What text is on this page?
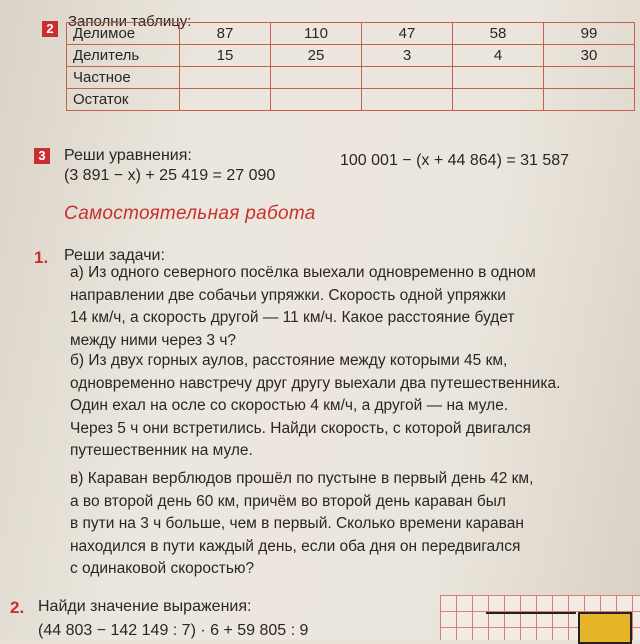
2 Заполни таблицу:
Делимое	87	110	47	58	99
Делитель	15	25	3	4	30
Частное					
Остаток					
3 Реши уравнения:
(3 891 − x) + 25 419 = 27 090
100 001 − (x + 44 864) = 31 587
Самостоятельная работа
1. Реши задачи:
а) Из одного северного посёлка выехали одновременно в одном
направлении две собачьи упряжки. Скорость одной упряжки
14 км/ч, а скорость другой — 11 км/ч. Какое расстояние будет
между ними через 3 ч?
б) Из двух горных аулов, расстояние между которыми 45 км,
одновременно навстречу друг другу выехали два путешественника.
Один ехал на осле со скоростью 4 км/ч, а другой — на муле.
Через 5 ч они встретились. Найди скорость, с которой двигался
путешественник на муле.
в) Караван верблюдов прошёл по пустыне в первый день 42 км,
а во второй день 60 км, причём во второй день караван был
в пути на 3 ч больше, чем в первый. Сколько времени караван
находился в пути каждый день, если оба дня он передвигался
с одинаковой скоростью?
2. Найди значение выражения:
(44 803 − 142 149 : 7) · 6 + 59 805 : 9
